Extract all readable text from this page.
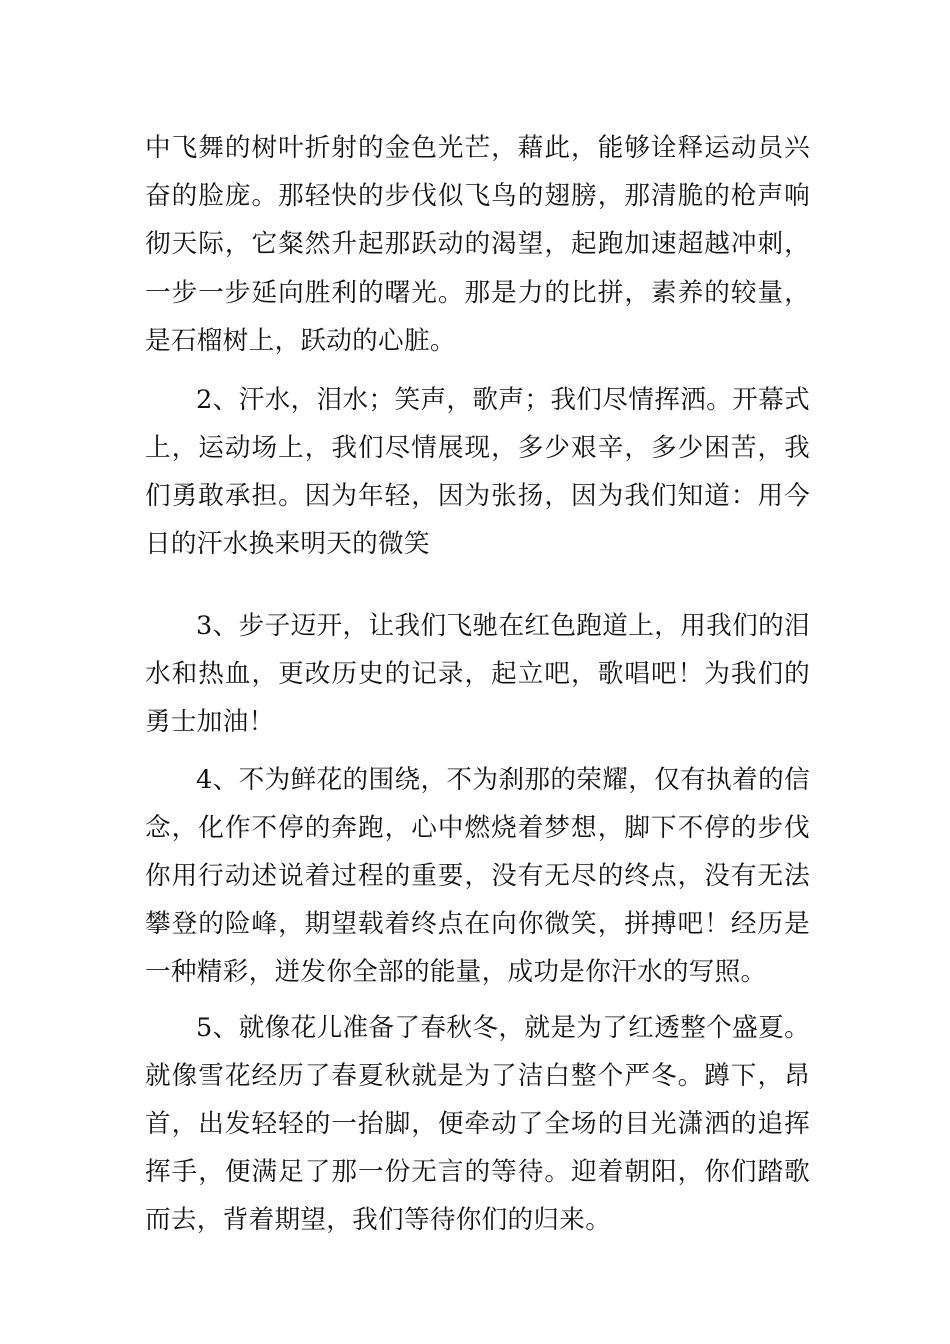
中飞舞的树叶折射的金色光芒，藉此，能够诠释运动员兴
奋的脸庞。那轻快的步伐似飞鸟的翅膀，那清脆的枪声响
彻天际，它粲然升起那跃动的渴望，起跑加速超越冲刺，
一步一步延向胜利的曙光。那是力的比拼，素养的较量，
是石榴树上，跃动的心脏。
2、汗水，泪水；笑声，歌声；我们尽情挥洒。开幕式
上，运动场上，我们尽情展现，多少艰辛，多少困苦，我
们勇敢承担。因为年轻，因为张扬，因为我们知道：用今
日的汗水换来明天的微笑
3、步子迈开，让我们飞驰在红色跑道上，用我们的泪
水和热血，更改历史的记录，起立吧，歌唱吧！为我们的
勇士加油！
4、不为鲜花的围绕，不为刹那的荣耀，仅有执着的信
念，化作不停的奔跑，心中燃烧着梦想，脚下不停的步伐
你用行动述说着过程的重要，没有无尽的终点，没有无法
攀登的险峰，期望载着终点在向你微笑，拼搏吧！经历是
一种精彩，迸发你全部的能量，成功是你汗水的写照。
5、就像花儿准备了春秋冬，就是为了红透整个盛夏。
就像雪花经历了春夏秋就是为了洁白整个严冬。蹲下，昂
首，出发轻轻的一抬脚，便牵动了全场的目光潇洒的追挥
挥手，便满足了那一份无言的等待。迎着朝阳，你们踏歌
而去，背着期望，我们等待你们的归来。
